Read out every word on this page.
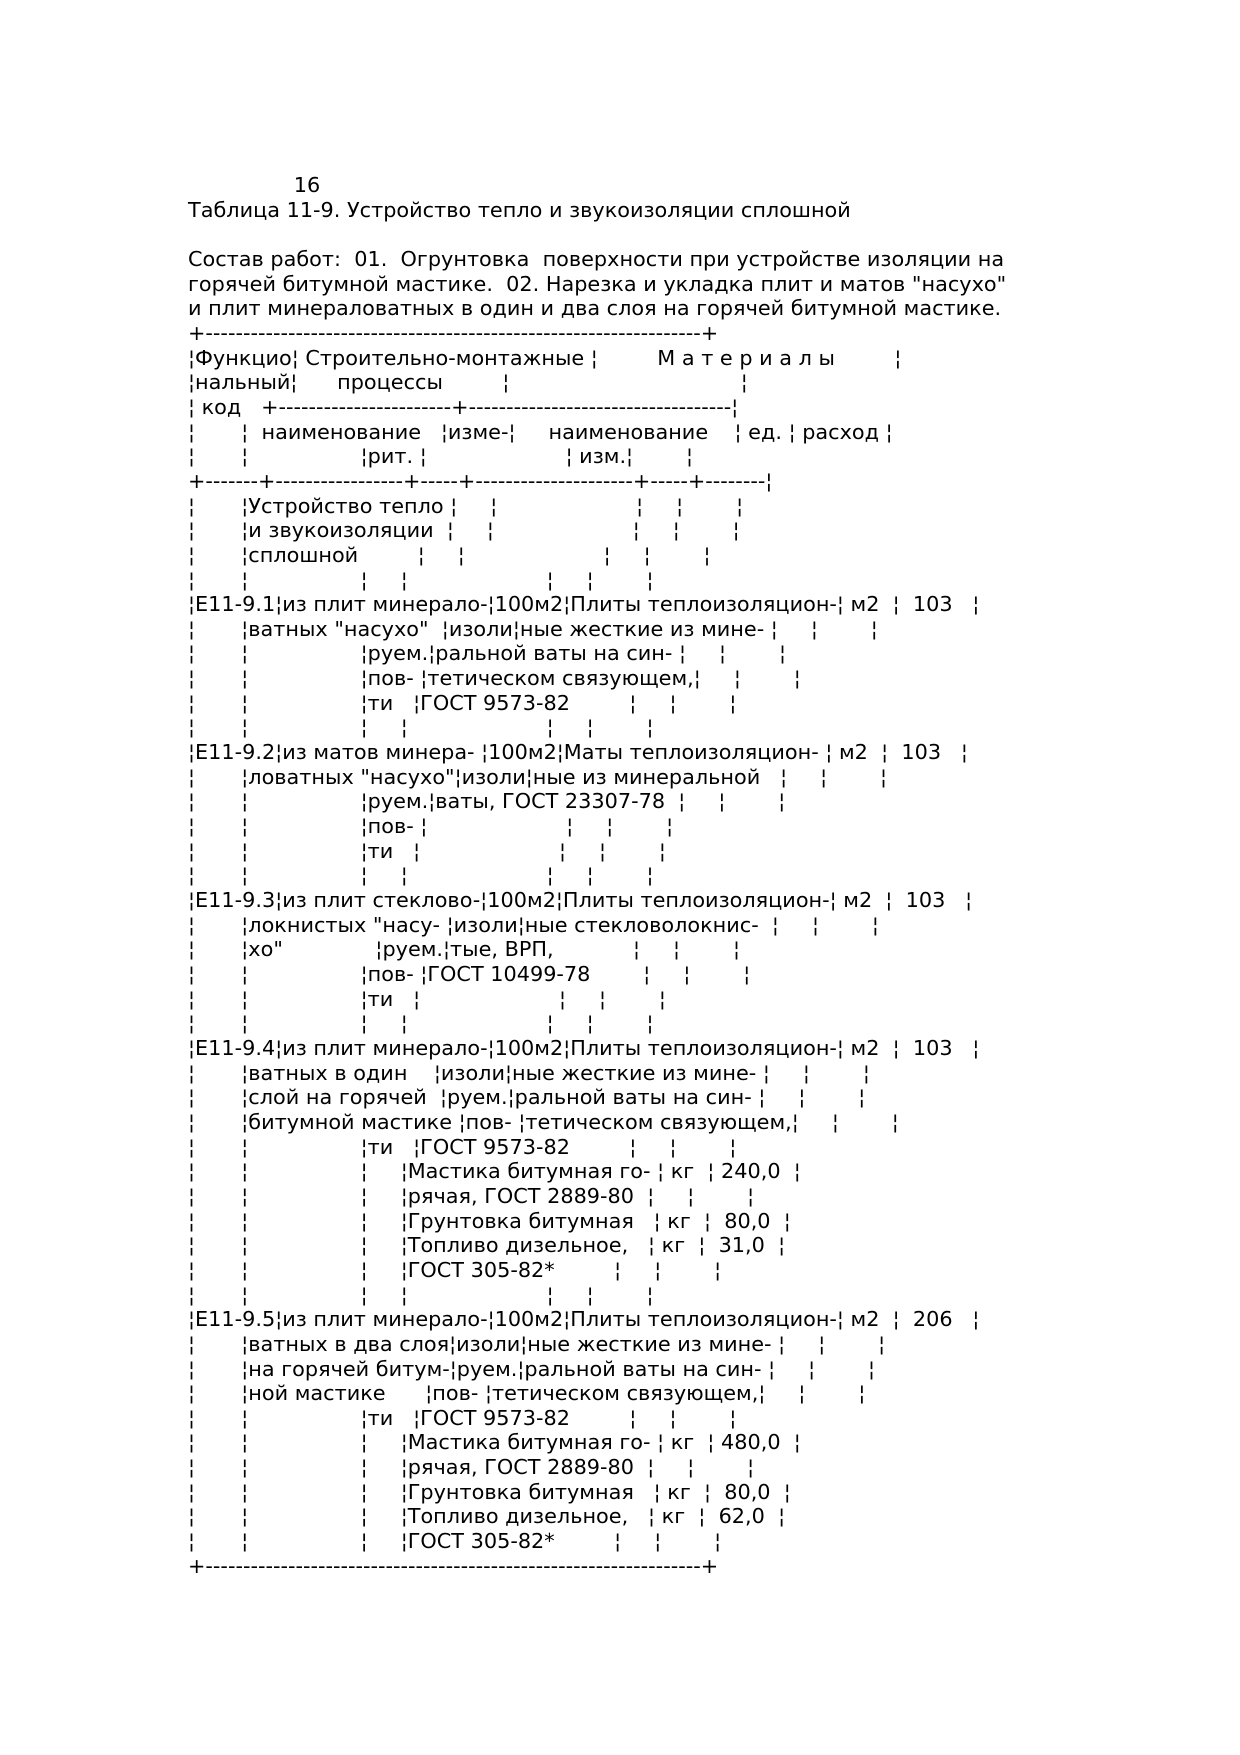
16
Таблица 11-9. Устройство тепло и звукоизоляции сплошной
Состав работ:  01.  Огрунтовка  поверхности при устройстве изоляции на
горячей битумной мастике.  02. Нарезка и укладка плит и матов "насухо"
и плит минераловатных в один и два слоя на горячей битумной мастике.
+------------------------------------------------------------------+
¦Функцио¦ Строительно-монтажные ¦         М а т е р и а л ы         ¦
¦нальный¦      процессы         ¦                                   ¦
¦ код   +-----------------------+-----------------------------------¦
¦       ¦  наименование   ¦изме-¦     наименование    ¦ ед. ¦ расход ¦
¦       ¦                 ¦рит. ¦                     ¦ изм.¦        ¦
+-------+-----------------+-----+---------------------+-----+--------¦
¦       ¦Устройство тепло ¦     ¦                     ¦     ¦        ¦
¦       ¦и звукоизоляции  ¦     ¦                     ¦     ¦        ¦
¦       ¦сплошной         ¦     ¦                     ¦     ¦        ¦
¦       ¦                 ¦     ¦                     ¦     ¦        ¦
¦Е11-9.1¦из плит минерало-¦100м2¦Плиты теплоизоляцион-¦ м2  ¦  103   ¦
¦       ¦ватных "насухо"  ¦изоли¦ные жесткие из мине- ¦     ¦        ¦
¦       ¦                 ¦руем.¦ральной ваты на син- ¦     ¦        ¦
¦       ¦                 ¦пов- ¦тетическом связующем,¦     ¦        ¦
¦       ¦                 ¦ти   ¦ГОСТ 9573-82         ¦     ¦        ¦
¦       ¦                 ¦     ¦                     ¦     ¦        ¦
¦Е11-9.2¦из матов минера- ¦100м2¦Маты теплоизоляцион- ¦ м2  ¦  103   ¦
¦       ¦ловатных "насухо"¦изоли¦ные из минеральной   ¦     ¦        ¦
¦       ¦                 ¦руем.¦ваты, ГОСТ 23307-78  ¦     ¦        ¦
¦       ¦                 ¦пов- ¦                     ¦     ¦        ¦
¦       ¦                 ¦ти   ¦                     ¦     ¦        ¦
¦       ¦                 ¦     ¦                     ¦     ¦        ¦
¦Е11-9.3¦из плит стекловo-¦100м2¦Плиты теплоизоляцион-¦ м2  ¦  103   ¦
¦       ¦локнистых "насу- ¦изоли¦ные стекловолокнис-  ¦     ¦        ¦
¦       ¦хо"              ¦руем.¦тые, ВРП,            ¦     ¦        ¦
¦       ¦                 ¦пов- ¦ГОСТ 10499-78        ¦     ¦        ¦
¦       ¦                 ¦ти   ¦                     ¦     ¦        ¦
¦       ¦                 ¦     ¦                     ¦     ¦        ¦
¦Е11-9.4¦из плит минерало-¦100м2¦Плиты теплоизоляцион-¦ м2  ¦  103   ¦
¦       ¦ватных в один    ¦изоли¦ные жесткие из мине- ¦     ¦        ¦
¦       ¦слой на горячей  ¦руем.¦ральной ваты на син- ¦     ¦        ¦
¦       ¦битумной мастике ¦пов- ¦тетическом связующем,¦     ¦        ¦
¦       ¦                 ¦ти   ¦ГОСТ 9573-82         ¦     ¦        ¦
¦       ¦                 ¦     ¦Мастика битумная го- ¦ кг  ¦ 240,0  ¦
¦       ¦                 ¦     ¦рячая, ГОСТ 2889-80  ¦     ¦        ¦
¦       ¦                 ¦     ¦Грунтовка битумная   ¦ кг  ¦  80,0  ¦
¦       ¦                 ¦     ¦Топливо дизельное,   ¦ кг  ¦  31,0  ¦
¦       ¦                 ¦     ¦ГОСТ 305-82*         ¦     ¦        ¦
¦       ¦                 ¦     ¦                     ¦     ¦        ¦
¦Е11-9.5¦из плит минерало-¦100м2¦Плиты теплоизоляцион-¦ м2  ¦  206   ¦
¦       ¦ватных в два слоя¦изоли¦ные жесткие из мине- ¦     ¦        ¦
¦       ¦на горячей битум-¦руем.¦ральной ваты на син- ¦     ¦        ¦
¦       ¦ной мастике      ¦пов- ¦тетическом связующем,¦     ¦        ¦
¦       ¦                 ¦ти   ¦ГОСТ 9573-82         ¦     ¦        ¦
¦       ¦                 ¦     ¦Мастика битумная го- ¦ кг  ¦ 480,0  ¦
¦       ¦                 ¦     ¦рячая, ГОСТ 2889-80  ¦     ¦        ¦
¦       ¦                 ¦     ¦Грунтовка битумная   ¦ кг  ¦  80,0  ¦
¦       ¦                 ¦     ¦Топливо дизельное,   ¦ кг  ¦  62,0  ¦
¦       ¦                 ¦     ¦ГОСТ 305-82*         ¦     ¦        ¦
+------------------------------------------------------------------+
